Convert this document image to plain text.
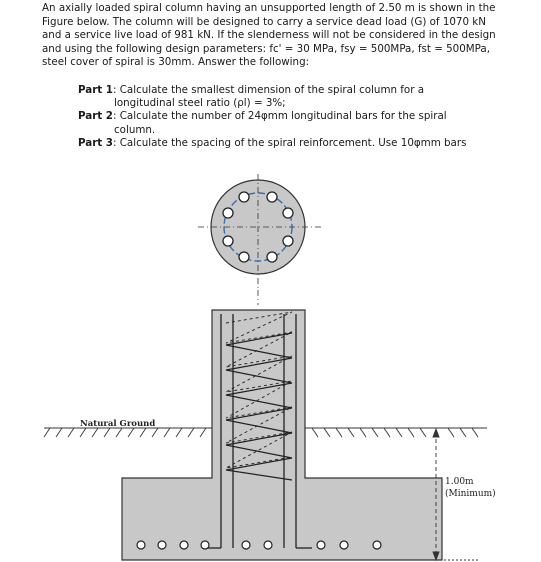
An axially loaded spiral column having an unsupported length of 2.50 m is shown in the
Figure below. The column will be designed to carry a service dead load (G) of 1070 kN
and a service live load of 981 kN. If the slenderness will not be considered in the design
and using the following design parameters: fc' = 30 MPa, fsy = 500MPa, fst = 500MPa,
steel cover of spiral is 30mm. Answer the following:
Part 1: Calculate the smallest dimension of the spiral column for a
longitudinal steel ratio (ρl) = 3%;
Part 2: Calculate the number of 24φmm longitudinal bars for the spiral
column.
Part 3: Calculate the spacing of the spiral reinforcement. Use 10φmm bars
Natural Ground
1.00m
(Minimum)
